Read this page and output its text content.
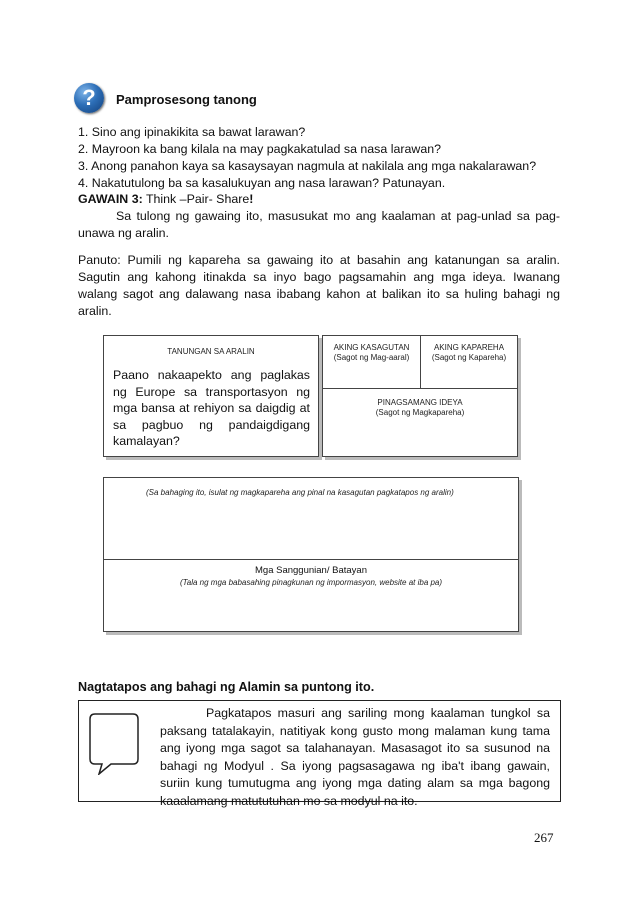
?	Pamprosesong tanong
1. Sino ang ipinakikita sa bawat larawan?
2. Mayroon ka bang kilala na may pagkakatulad sa nasa larawan?
3. Anong panahon kaya sa kasaysayan nagmula at nakilala ang mga nakalarawan?
4. Nakatutulong ba sa kasalukuyan ang nasa larawan? Patunayan.
GAWAIN 3: Think –Pair- Share!
Sa tulong ng gawaing ito, masusukat mo ang kaalaman at pag-unlad sa pag-unawa ng aralin.
Panuto: Pumili ng kapareha sa gawaing ito at basahin ang katanungan sa aralin. Sagutin ang kahong itinakda sa inyo bago pagsamahin ang mga ideya. Iwanang walang sagot ang dalawang nasa ibabang kahon at balikan ito sa huling bahagi ng aralin.
TANUNGAN SA ARALIN
Paano nakaapekto ang paglakas ng Europe sa transportasyon ng mga bansa at rehiyon sa daigdig at sa pagbuo ng pandaigdigang kamalayan?
AKING KASAGUTAN
(Sagot ng Mag-aaral)
AKING KAPAREHA
(Sagot ng Kapareha)
PINAGSAMANG IDEYA
(Sagot ng Magkapareha)
(Sa bahaging ito, isulat ng magkapareha ang pinal na kasagutan pagkatapos ng aralin)
Mga Sanggunian/ Batayan
(Tala ng mga babasahing pinagkunan ng impormasyon, website at iba pa)
Nagtatapos ang bahagi ng Alamin sa puntong ito.
Pagkatapos masuri ang sariling mong kaalaman tungkol sa paksang tatalakayin, natitiyak kong gusto mong malaman kung tama ang iyong mga sagot sa talahanayan. Masasagot ito sa susunod na bahagi ng Modyul . Sa iyong pagsasagawa ng iba't ibang gawain, suriin kung tumutugma ang iyong mga dating alam sa mga bagong kaaalamang matututuhan mo sa modyul na ito.
267
